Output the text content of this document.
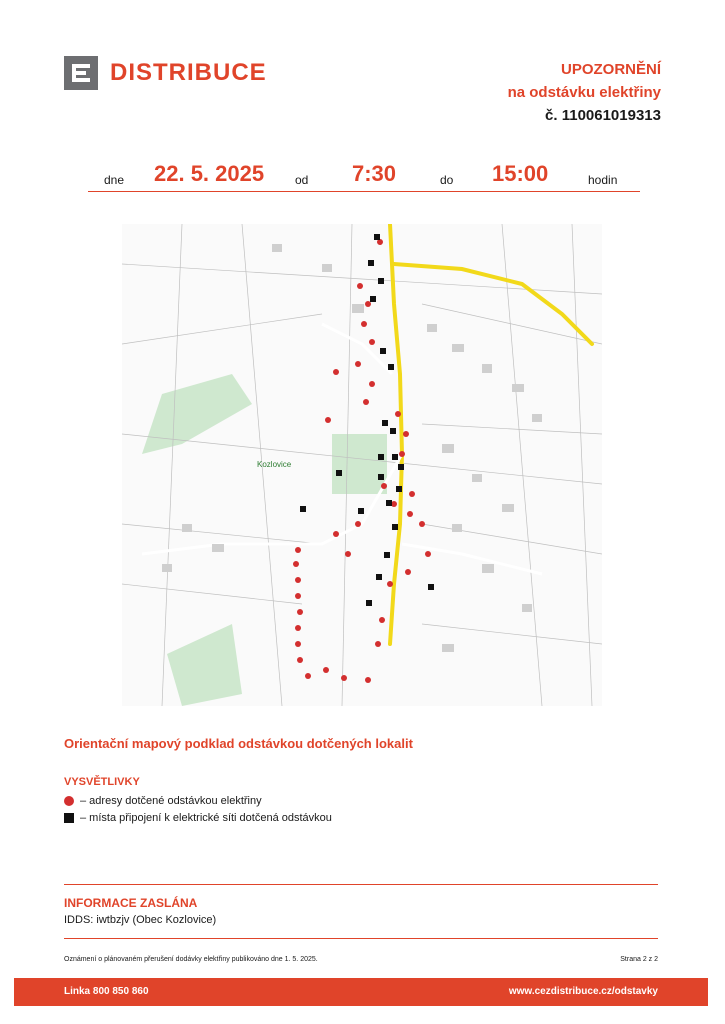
DISTRIBUCE	UPOZORNĚNÍ
na odstávku elektřiny
č. 110061019313
dne 22. 5. 2025	od 7:30	do 15:00	hodin
Kozlovice
Orientační mapový podklad odstávkou dotčených lokalit
VYSVĚTLIVKY
– adresy dotčené odstávkou elektřiny
– místa připojení k elektrické síti dotčená odstávkou
INFORMACE ZASLÁNA
IDDS: iwtbzjv (Obec Kozlovice)
Oznámení o plánovaném přerušení dodávky elektřiny publikováno dne 1. 5. 2025.	Strana 2 z 2
Linka 800 850 860	www.cezdistribuce.cz/odstavky
